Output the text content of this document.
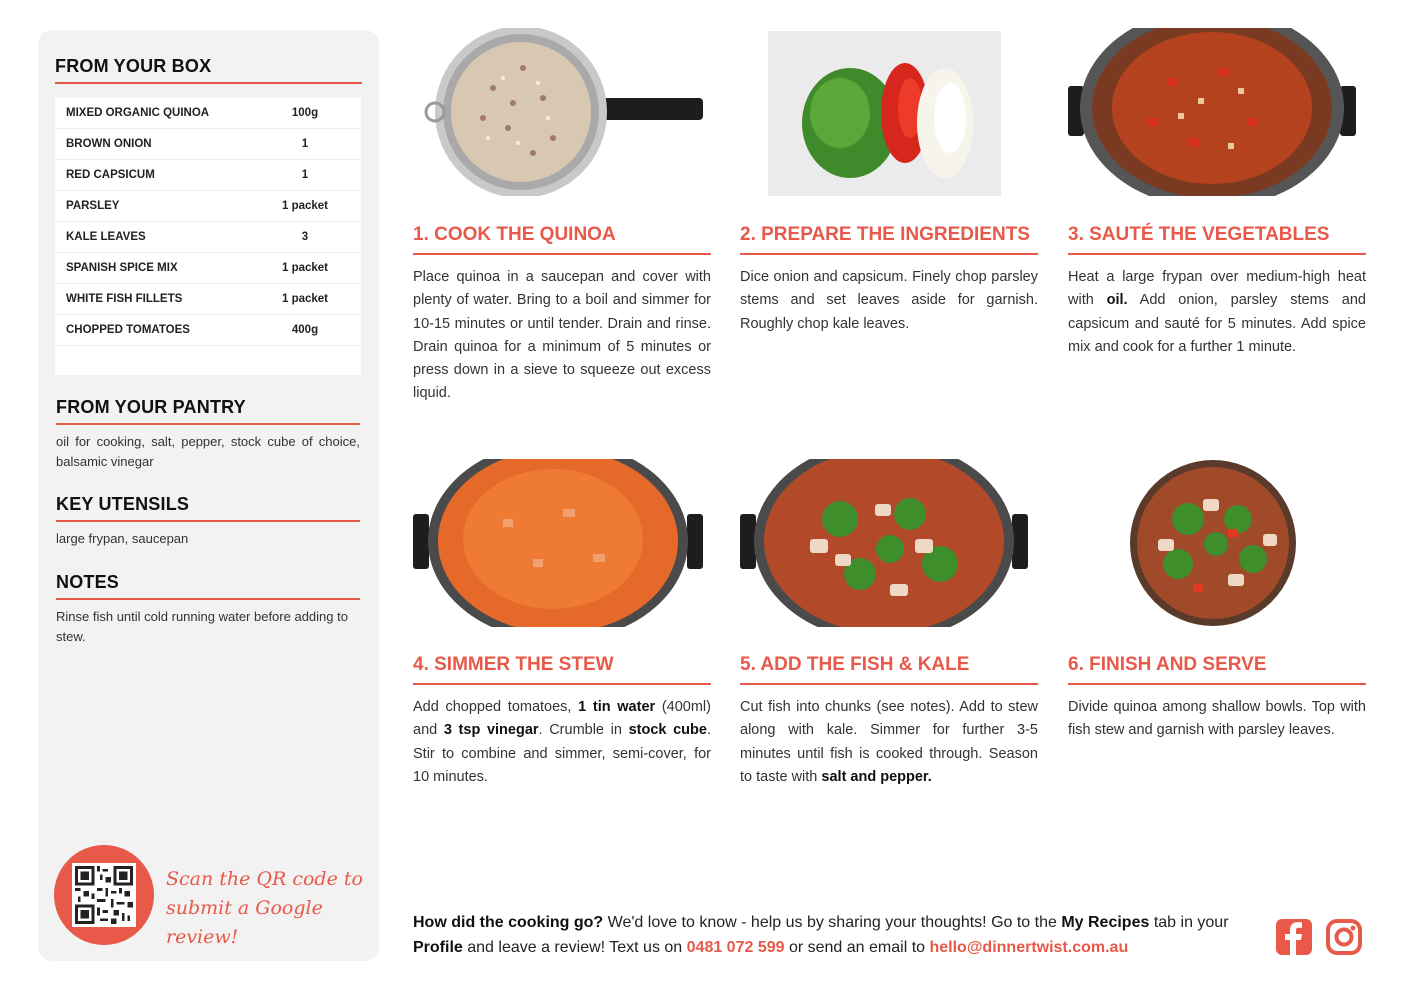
FROM YOUR BOX
MIXED ORGANIC QUINOA	100g
BROWN ONION	1
RED CAPSICUM	1
PARSLEY	1 packet
KALE LEAVES	3
SPANISH SPICE MIX	1 packet
WHITE FISH FILLETS	1 packet
CHOPPED TOMATOES	400g
FROM YOUR PANTRY
oil for cooking, salt, pepper, stock cube of choice, balsamic vinegar
KEY UTENSILS
large frypan, saucepan
NOTES
Rinse fish until cold running water before adding to stew.
Scan the QR code to
submit a Google review!
1. COOK THE QUINOA
Place quinoa in a saucepan and cover with plenty of water. Bring to a boil and simmer for 10-15 minutes or until tender. Drain and rinse. Drain quinoa for a minimum of 5 minutes or press down in a sieve to squeeze out excess liquid.
2. PREPARE THE INGREDIENTS
Dice onion and capsicum. Finely chop parsley stems and set leaves aside for garnish. Roughly chop kale leaves.
3. SAUTÉ THE VEGETABLES
Heat a large frypan over medium-high heat with oil. Add onion, parsley stems and capsicum and sauté for 5 minutes. Add spice mix and cook for a further 1 minute.
4. SIMMER THE STEW
Add chopped tomatoes, 1 tin water (400ml) and 3 tsp vinegar. Crumble in stock cube. Stir to combine and simmer, semi-cover, for 10 minutes.
5. ADD THE FISH & KALE
Cut fish into chunks (see notes). Add to stew along with kale. Simmer for further 3-5 minutes until fish is cooked through. Season to taste with salt and pepper.
6. FINISH AND SERVE
Divide quinoa among shallow bowls. Top with fish stew and garnish with parsley leaves.
How did the cooking go? We'd love to know - help us by sharing your thoughts! Go to the My Recipes tab in your Profile and leave a review! Text us on 0481 072 599 or send an email to hello@dinnertwist.com.au
